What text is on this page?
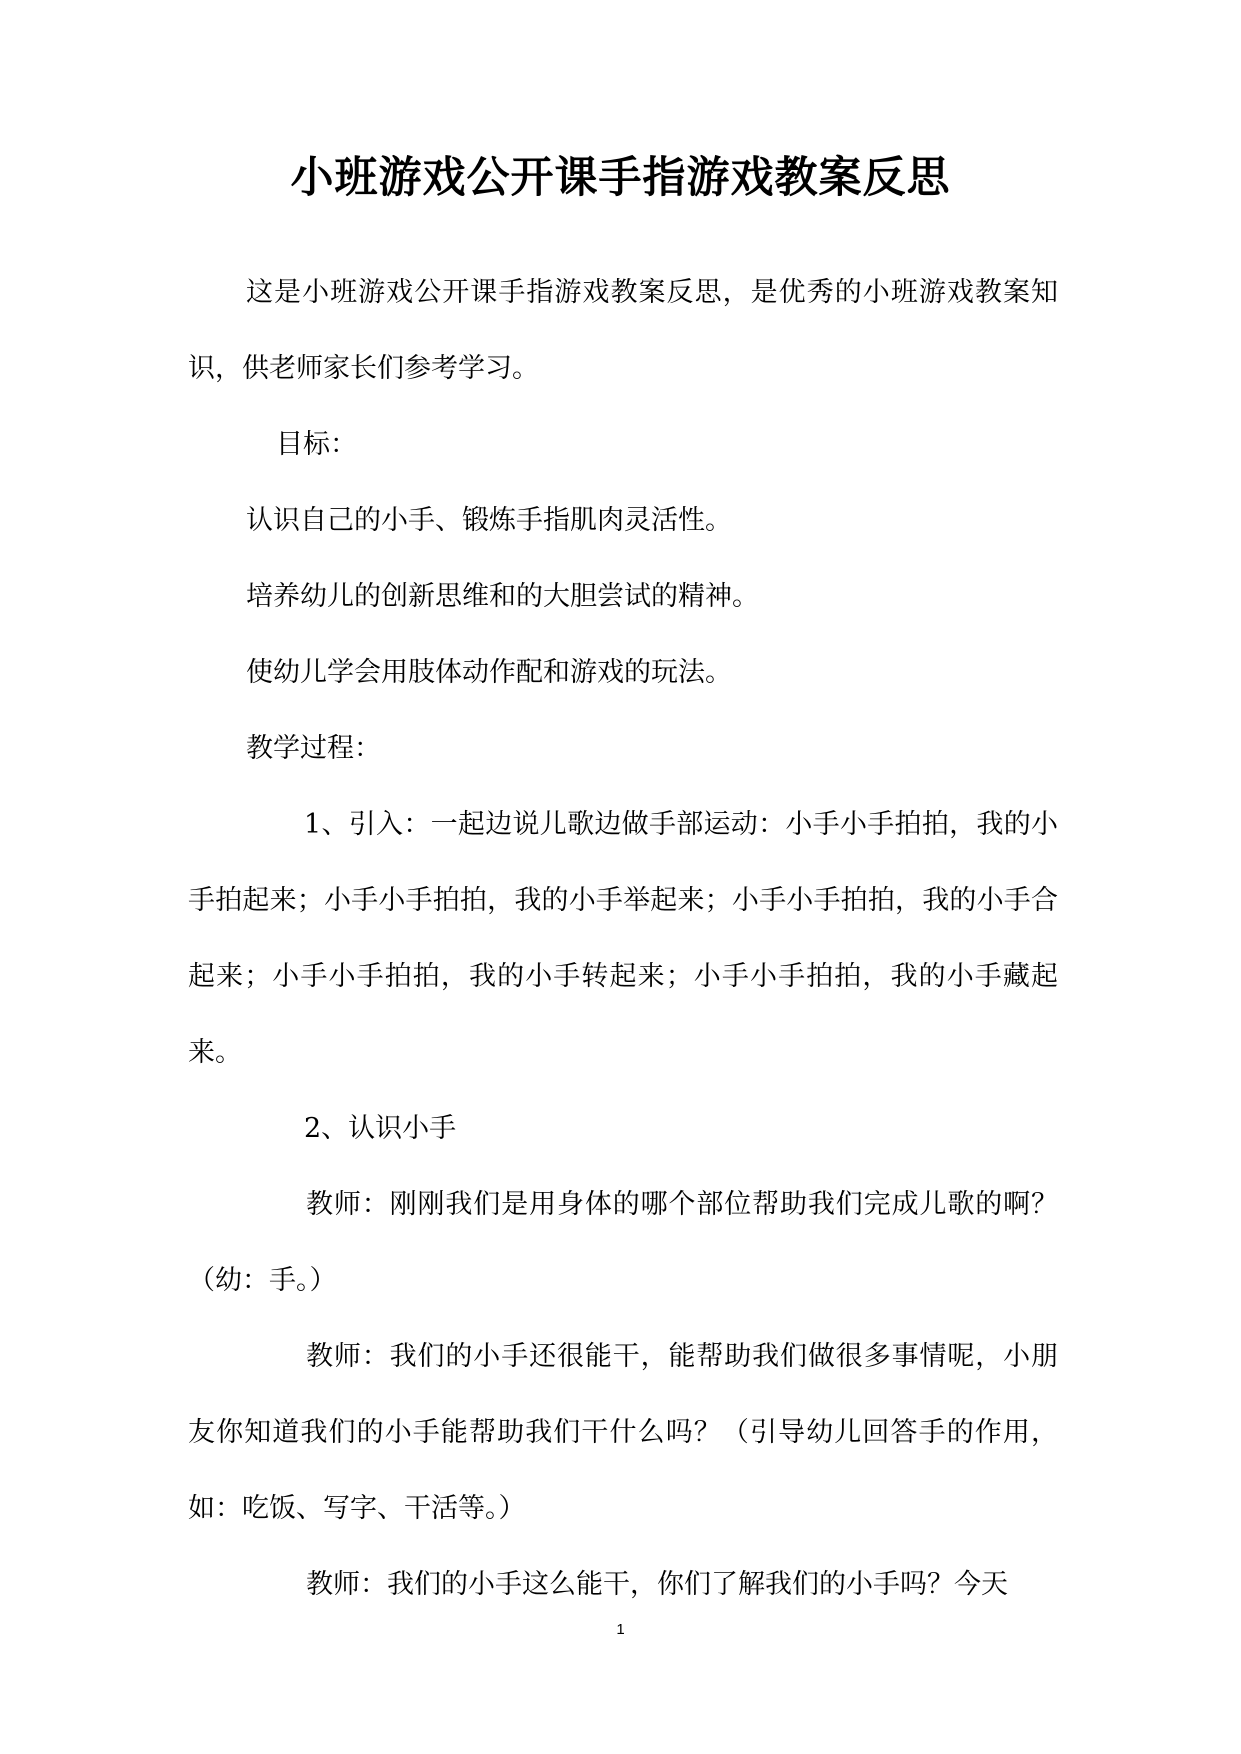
小班游戏公开课手指游戏教案反思

这是小班游戏公开课手指游戏教案反思，是优秀的小班游戏教案知识，供老师家长们参考学习。

目标：

认识自己的小手、锻炼手指肌肉灵活性。

培养幼儿的创新思维和的大胆尝试的精神。

使幼儿学会用肢体动作配和游戏的玩法。

教学过程：

1、引入：一起边说儿歌边做手部运动：小手小手拍拍，我的小手拍起来；小手小手拍拍，我的小手举起来；小手小手拍拍，我的小手合起来；小手小手拍拍，我的小手转起来；小手小手拍拍，我的小手藏起来。

2、认识小手

教师：刚刚我们是用身体的哪个部位帮助我们完成儿歌的啊？（幼：手。）

教师：我们的小手还很能干，能帮助我们做很多事情呢，小朋友你知道我们的小手能帮助我们干什么吗？（引导幼儿回答手的作用，如：吃饭、写字、干活等。）

教师：我们的小手这么能干，你们了解我们的小手吗？今天

1
